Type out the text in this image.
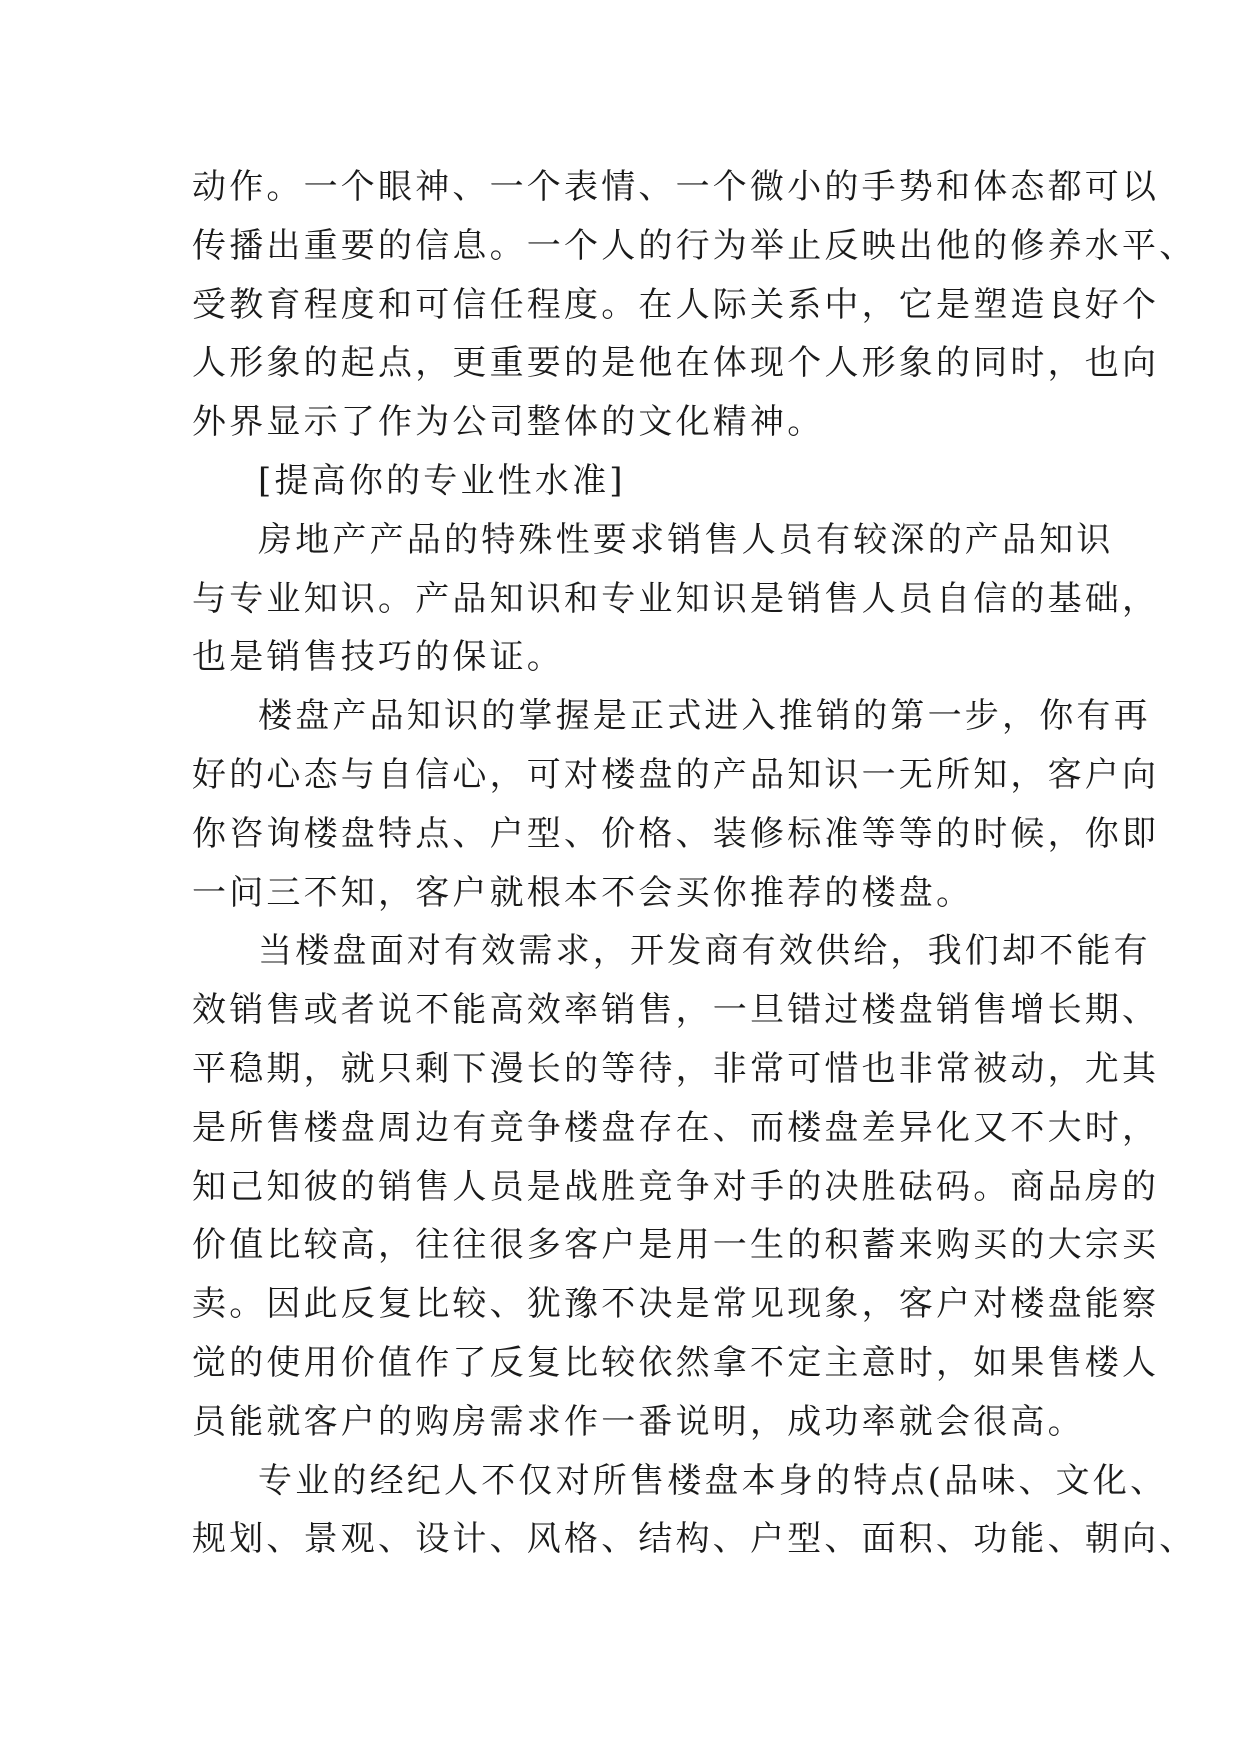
动作。一个眼神、一个表情、一个微小的手势和体态都可以
传播出重要的信息。一个人的行为举止反映出他的修养水平、
受教育程度和可信任程度。在人际关系中，它是塑造良好个
人形象的起点，更重要的是他在体现个人形象的同时，也向
外界显示了作为公司整体的文化精神。
[提高你的专业性水准]
房地产产品的特殊性要求销售人员有较深的产品知识
与专业知识。产品知识和专业知识是销售人员自信的基础，
也是销售技巧的保证。
楼盘产品知识的掌握是正式进入推销的第一步，你有再
好的心态与自信心，可对楼盘的产品知识一无所知，客户向
你咨询楼盘特点、户型、价格、装修标准等等的时候，你即
一问三不知，客户就根本不会买你推荐的楼盘。
当楼盘面对有效需求，开发商有效供给，我们却不能有
效销售或者说不能高效率销售，一旦错过楼盘销售增长期、
平稳期，就只剩下漫长的等待，非常可惜也非常被动，尤其
是所售楼盘周边有竞争楼盘存在、而楼盘差异化又不大时，
知己知彼的销售人员是战胜竞争对手的决胜砝码。商品房的
价值比较高，往往很多客户是用一生的积蓄来购买的大宗买
卖。因此反复比较、犹豫不决是常见现象，客户对楼盘能察
觉的使用价值作了反复比较依然拿不定主意时，如果售楼人
员能就客户的购房需求作一番说明，成功率就会很高。
专业的经纪人不仅对所售楼盘本身的特点(品味、文化、
规划、景观、设计、风格、结构、户型、面积、功能、朝向、
